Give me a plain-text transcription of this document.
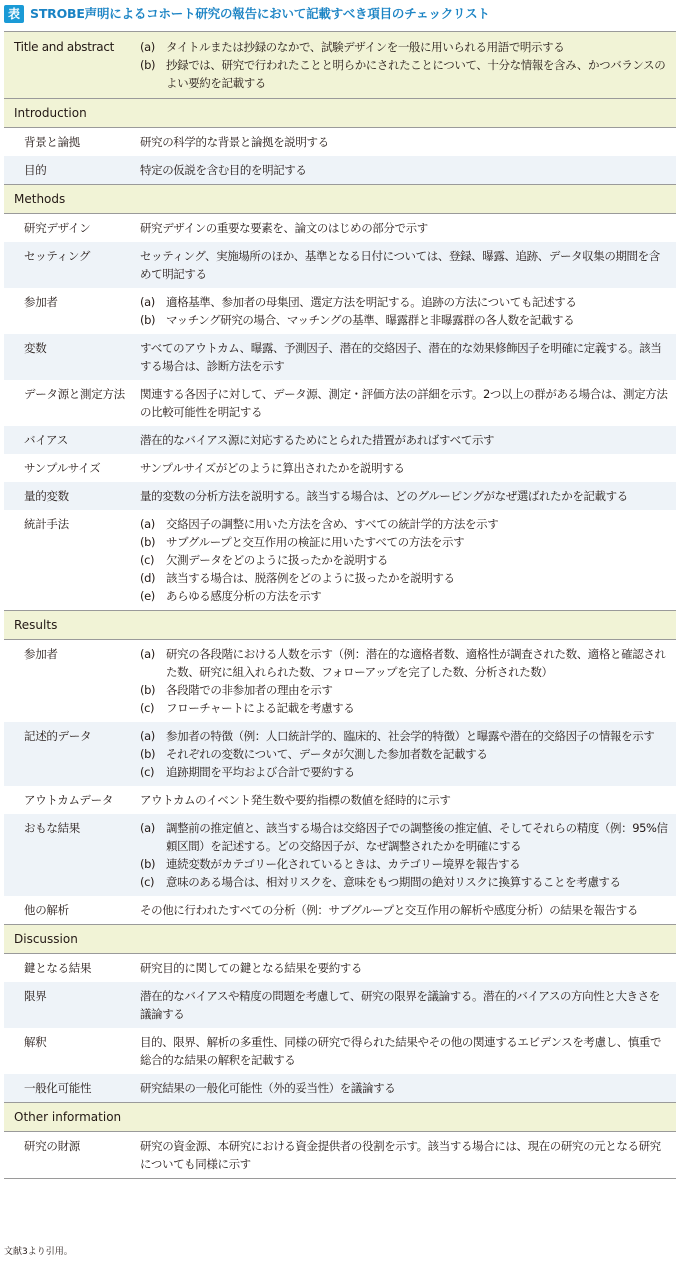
表 STROBE声明によるコホート研究の報告において記載すべき項目のチェックリスト
Title and abstract	(a) タイトルまたは抄録のなかで、試験デザインを一般に用いられる用語で明示する
(b) 抄録では、研究で行われたことと明らかにされたことについて、十分な情報を含み、かつバランスのよい要約を記載する
Introduction
背景と論拠	研究の科学的な背景と論拠を説明する
目的	特定の仮説を含む目的を明記する
Methods
研究デザイン	研究デザインの重要な要素を、論文のはじめの部分で示す
セッティング	セッティング、実施場所のほか、基準となる日付については、登録、曝露、追跡、データ収集の期間を含めて明記する
参加者	(a) 適格基準、参加者の母集団、選定方法を明記する。追跡の方法についても記述する
(b) マッチング研究の場合、マッチングの基準、曝露群と非曝露群の各人数を記載する
変数	すべてのアウトカム、曝露、予測因子、潜在的交絡因子、潜在的な効果修飾因子を明確に定義する。該当する場合は、診断方法を示す
データ源と測定方法	関連する各因子に対して、データ源、測定・評価方法の詳細を示す。2つ以上の群がある場合は、測定方法の比較可能性を明記する
バイアス	潜在的なバイアス源に対応するためにとられた措置があればすべて示す
サンプルサイズ	サンプルサイズがどのように算出されたかを説明する
量的変数	量的変数の分析方法を説明する。該当する場合は、どのグルーピングがなぜ選ばれたかを記載する
統計手法	(a) 交絡因子の調整に用いた方法を含め、すべての統計学的方法を示す
(b) サブグループと交互作用の検証に用いたすべての方法を示す
(c)	欠測データをどのように扱ったかを説明する
(d) 該当する場合は、脱落例をどのように扱ったかを説明する
(e) あらゆる感度分析の方法を示す
Results
参加者	(a) 研究の各段階における人数を示す（例：潜在的な適格者数、適格性が調査された数、適格と確認された数、研究に組入れられた数、フォローアップを完了した数、分析された数）
(b) 各段階での非参加者の理由を示す
(c)	フローチャートによる記載を考慮する
記述的データ	(a) 参加者の特徴（例：人口統計学的、臨床的、社会学的特徴）と曝露や潜在的交絡因子の情報を示す
(b) それぞれの変数について、データが欠測した参加者数を記載する
(c)	追跡期間を平均および合計で要約する
アウトカムデータ	アウトカムのイベント発生数や要約指標の数値を経時的に示す
おもな結果	(a) 調整前の推定値と、該当する場合は交絡因子での調整後の推定値、そしてそれらの精度（例：95%信頼区間）を記述する。どの交絡因子が、なぜ調整されたかを明確にする
(b) 連続変数がカテゴリー化されているときは、カテゴリー境界を報告する
(c)	意味のある場合は、相対リスクを、意味をもつ期間の絶対リスクに換算することを考慮する
他の解析	その他に行われたすべての分析（例：サブグループと交互作用の解析や感度分析）の結果を報告する
Discussion
鍵となる結果	研究目的に関しての鍵となる結果を要約する
限界	潜在的なバイアスや精度の問題を考慮して、研究の限界を議論する。潜在的バイアスの方向性と大きさを議論する
解釈	目的、限界、解析の多重性、同様の研究で得られた結果やその他の関連するエビデンスを考慮し、慎重で総合的な結果の解釈を記載する
一般化可能性	研究結果の一般化可能性（外的妥当性）を議論する
Other information
研究の財源	研究の資金源、本研究における資金提供者の役割を示す。該当する場合には、現在の研究の元となる研究についても同様に示す
文献3より引用。
